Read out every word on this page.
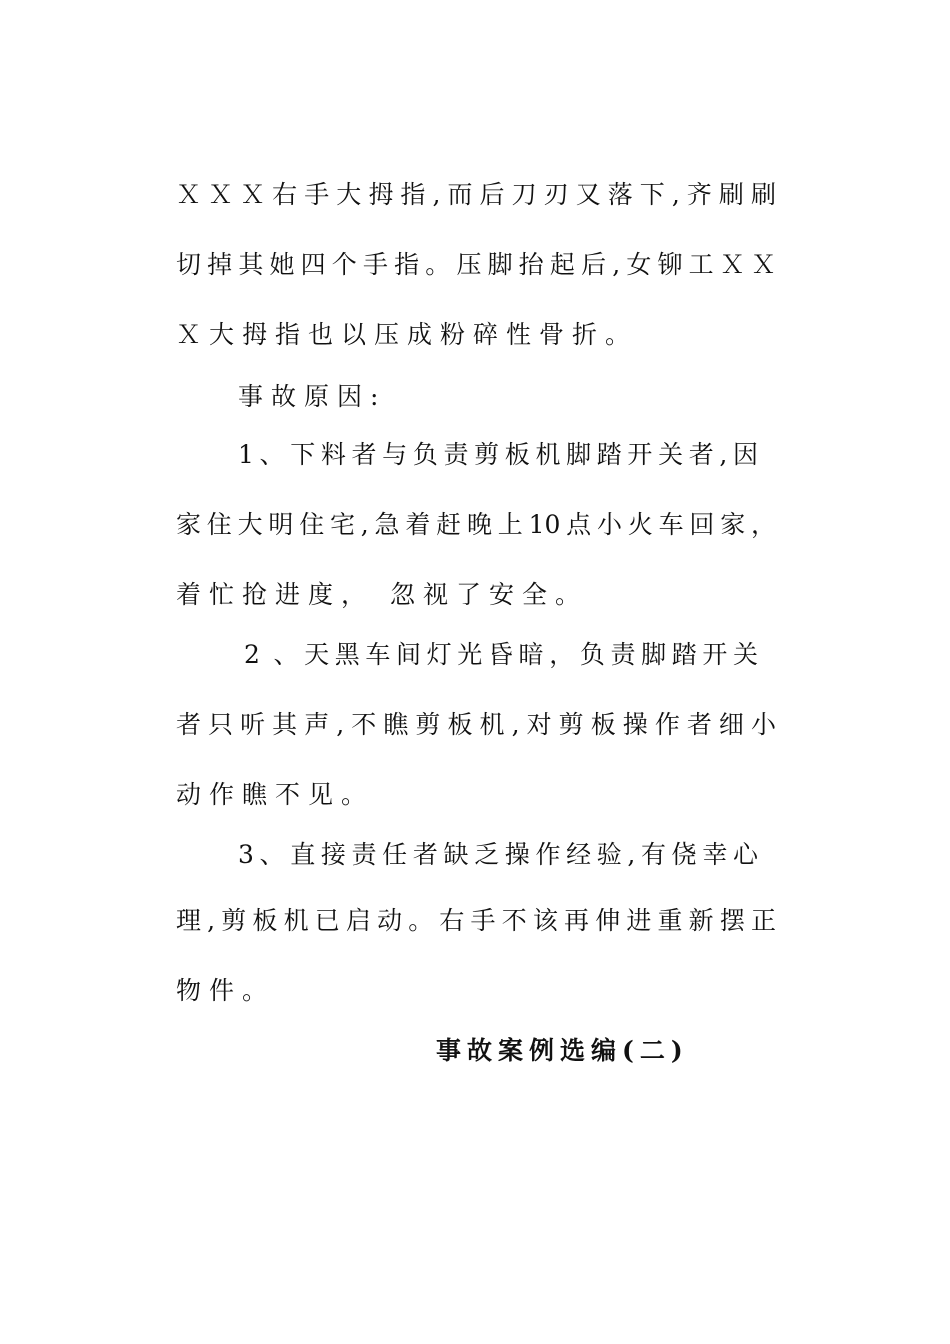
ＸＸＸ右手大拇指,而后刀刃又落下,齐刷刷
切掉其她四个手指。压脚抬起后,女铆工ＸＸ
Ｘ大拇指也以压成粉碎性骨折。
事故原因:
1、下料者与负责剪板机脚踏开关者,因
家住大明住宅,急着赶晚上10点小火车回家，
着忙抢进度， 忽视了安全。
2 、天黑车间灯光昏暗，负责脚踏开关
者只听其声,不瞧剪板机,对剪板操作者细小
动作瞧不见。
3、直接责任者缺乏操作经验,有侥幸心
理,剪板机已启动。右手不该再伸进重新摆正
物件。
事故案例选编(二)
